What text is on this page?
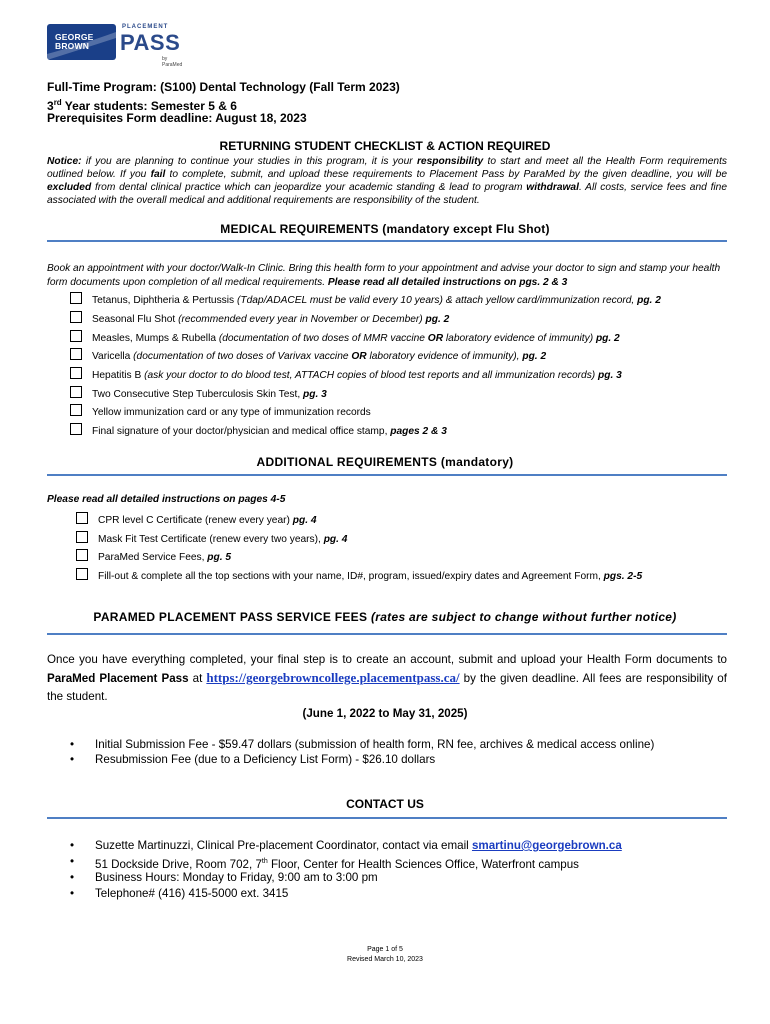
GEORGE
BROWN
PLACEMENT
PASS
by ParaMed
Full-Time Program: (S100) Dental Technology (Fall Term 2023)
3rd Year students: Semester 5 & 6
Prerequisites Form deadline: August 18, 2023
RETURNING STUDENT CHECKLIST & ACTION REQUIRED
Notice: if you are planning to continue your studies in this program, it is your responsibility to start and meet all the Health Form requirements outlined below. If you fail to complete, submit, and upload these requirements to Placement Pass by ParaMed by the given deadline, you will be excluded from dental clinical practice which can jeopardize your academic standing & lead to program withdrawal. All costs, service fees and fine associated with the overall medical and additional requirements are responsibility of the student.
MEDICAL REQUIREMENTS (mandatory except Flu Shot)
Book an appointment with your doctor/Walk-In Clinic. Bring this health form to your appointment and advise your doctor to sign and stamp your health form documents upon completion of all medical requirements. Please read all detailed instructions on pgs. 2 & 3
Tetanus, Diphtheria & Pertussis (Tdap/ADACEL must be valid every 10 years) & attach yellow card/immunization record, pg. 2
Seasonal Flu Shot (recommended every year in November or December) pg. 2
Measles, Mumps & Rubella (documentation of two doses of MMR vaccine OR laboratory evidence of immunity) pg. 2
Varicella (documentation of two doses of Varivax vaccine OR laboratory evidence of immunity), pg. 2
Hepatitis B (ask your doctor to do blood test, ATTACH copies of blood test reports and all immunization records) pg. 3
Two Consecutive Step Tuberculosis Skin Test, pg. 3
Yellow immunization card or any type of immunization records
Final signature of your doctor/physician and medical office stamp, pages 2 & 3
ADDITIONAL REQUIREMENTS (mandatory)
Please read all detailed instructions on pages 4-5
CPR level C Certificate (renew every year) pg. 4
Mask Fit Test Certificate (renew every two years), pg. 4
ParaMed Service Fees, pg. 5
Fill-out & complete all the top sections with your name, ID#, program, issued/expiry dates and Agreement Form, pgs. 2-5
PARAMED PLACEMENT PASS SERVICE FEES (rates are subject to change without further notice)
Once you have everything completed, your final step is to create an account, submit and upload your Health Form documents to ParaMed Placement Pass at https://georgebrowncollege.placementpass.ca/ by the given deadline. All fees are responsibility of the student.
(June 1, 2022 to May 31, 2025)
• Initial Submission Fee - $59.47 dollars (submission of health form, RN fee, archives & medical access online)
• Resubmission Fee (due to a Deficiency List Form) - $26.10 dollars
CONTACT US
• Suzette Martinuzzi, Clinical Pre-placement Coordinator, contact via email smartinu@georgebrown.ca
• 51 Dockside Drive, Room 702, 7th Floor, Center for Health Sciences Office, Waterfront campus
• Business Hours: Monday to Friday, 9:00 am to 3:00 pm
• Telephone# (416) 415-5000 ext. 3415
Page 1 of 5
Revised March 10, 2023
